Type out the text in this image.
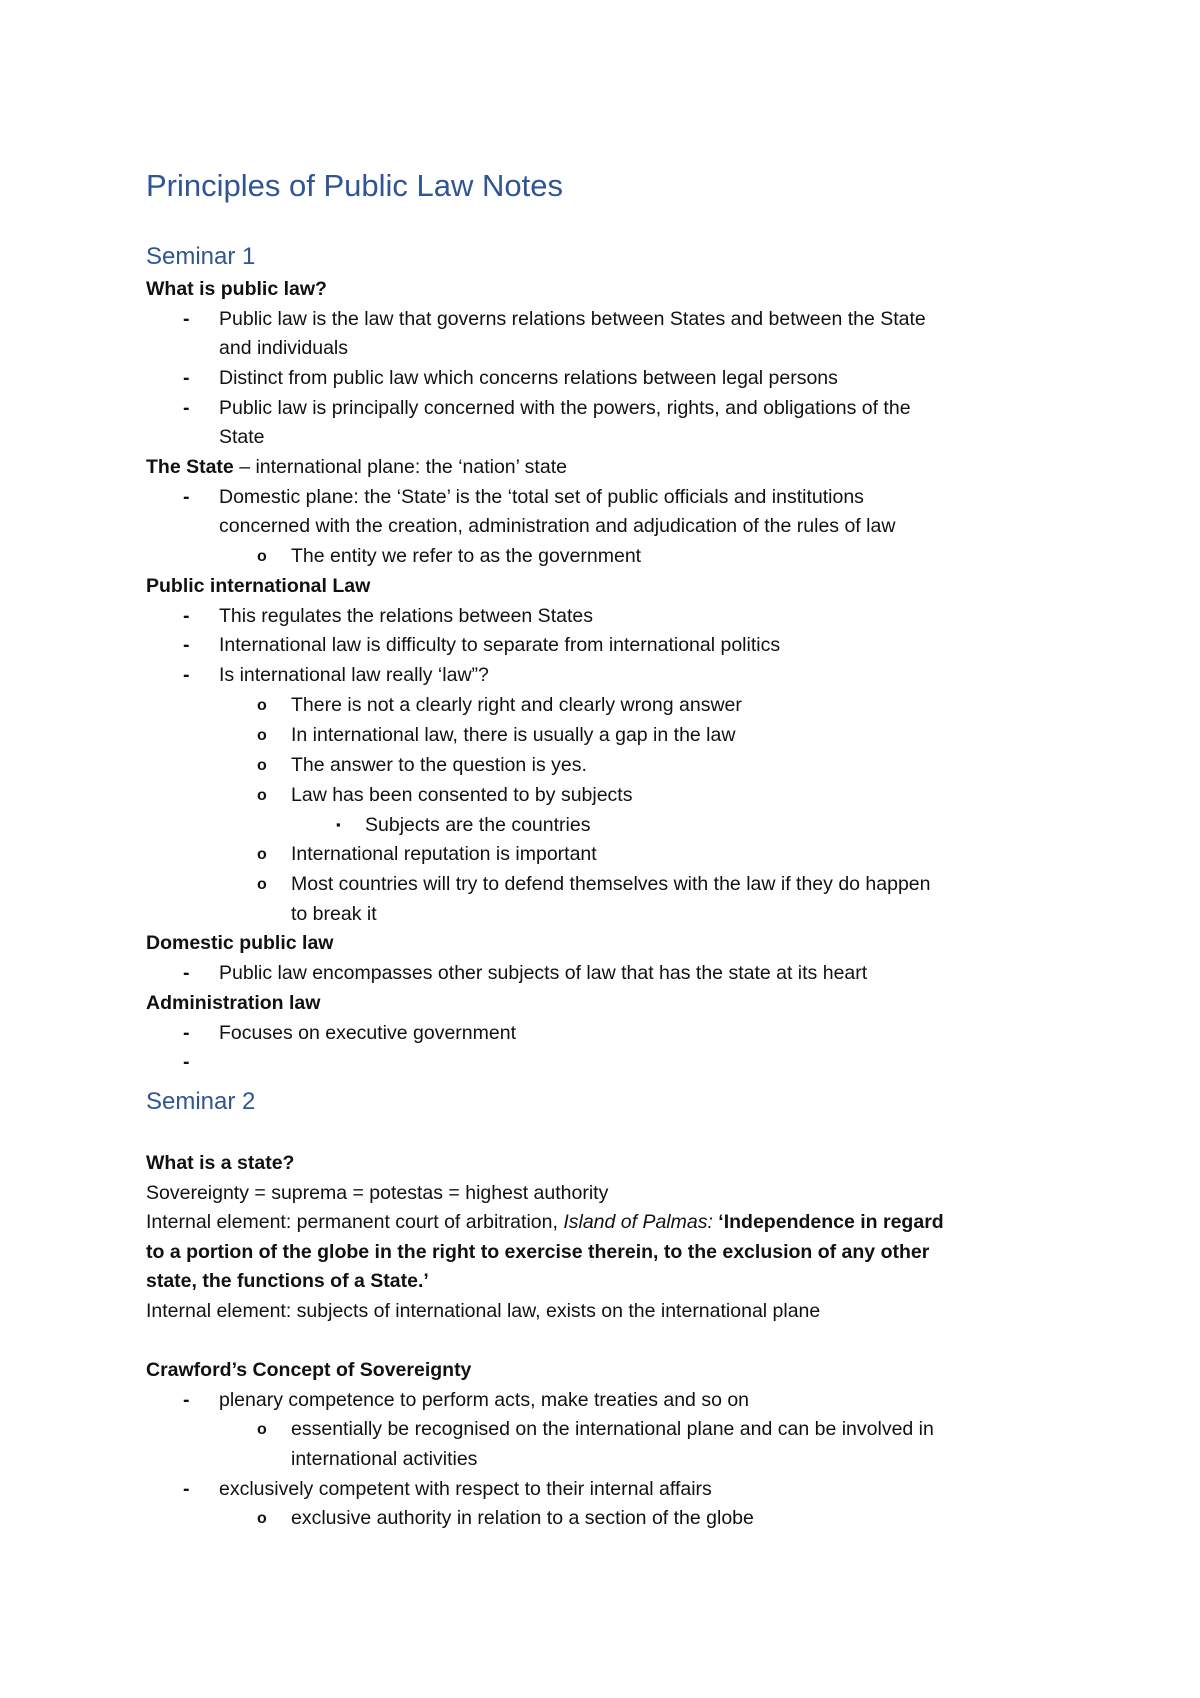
Principles of Public Law Notes
Seminar 1
What is public law?
- Public law is the law that governs relations between States and between the State
and individuals
- Distinct from public law which concerns relations between legal persons
- Public law is principally concerned with the powers, rights, and obligations of the
State
The State – international plane: the ‘nation’ state
- Domestic plane: the ‘State’ is the ‘total set of public officials and institutions
concerned with the creation, administration and adjudication of the rules of law
o The entity we refer to as the government
Public international Law
- This regulates the relations between States
- International law is difficulty to separate from international politics
- Is international law really ‘law”?
o There is not a clearly right and clearly wrong answer
o In international law, there is usually a gap in the law
o The answer to the question is yes.
o Law has been consented to by subjects
▪ Subjects are the countries
o International reputation is important
o Most countries will try to defend themselves with the law if they do happen
to break it
Domestic public law
- Public law encompasses other subjects of law that has the state at its heart
Administration law
- Focuses on executive government
-
Seminar 2
What is a state?
Sovereignty = suprema = potestas = highest authority
Internal element: permanent court of arbitration, Island of Palmas: ‘Independence in regard
to a portion of the globe in the right to exercise therein, to the exclusion of any other
state, the functions of a State.’
Internal element: subjects of international law, exists on the international plane
Crawford’s Concept of Sovereignty
- plenary competence to perform acts, make treaties and so on
o essentially be recognised on the international plane and can be involved in
international activities
- exclusively competent with respect to their internal affairs
o exclusive authority in relation to a section of the globe
